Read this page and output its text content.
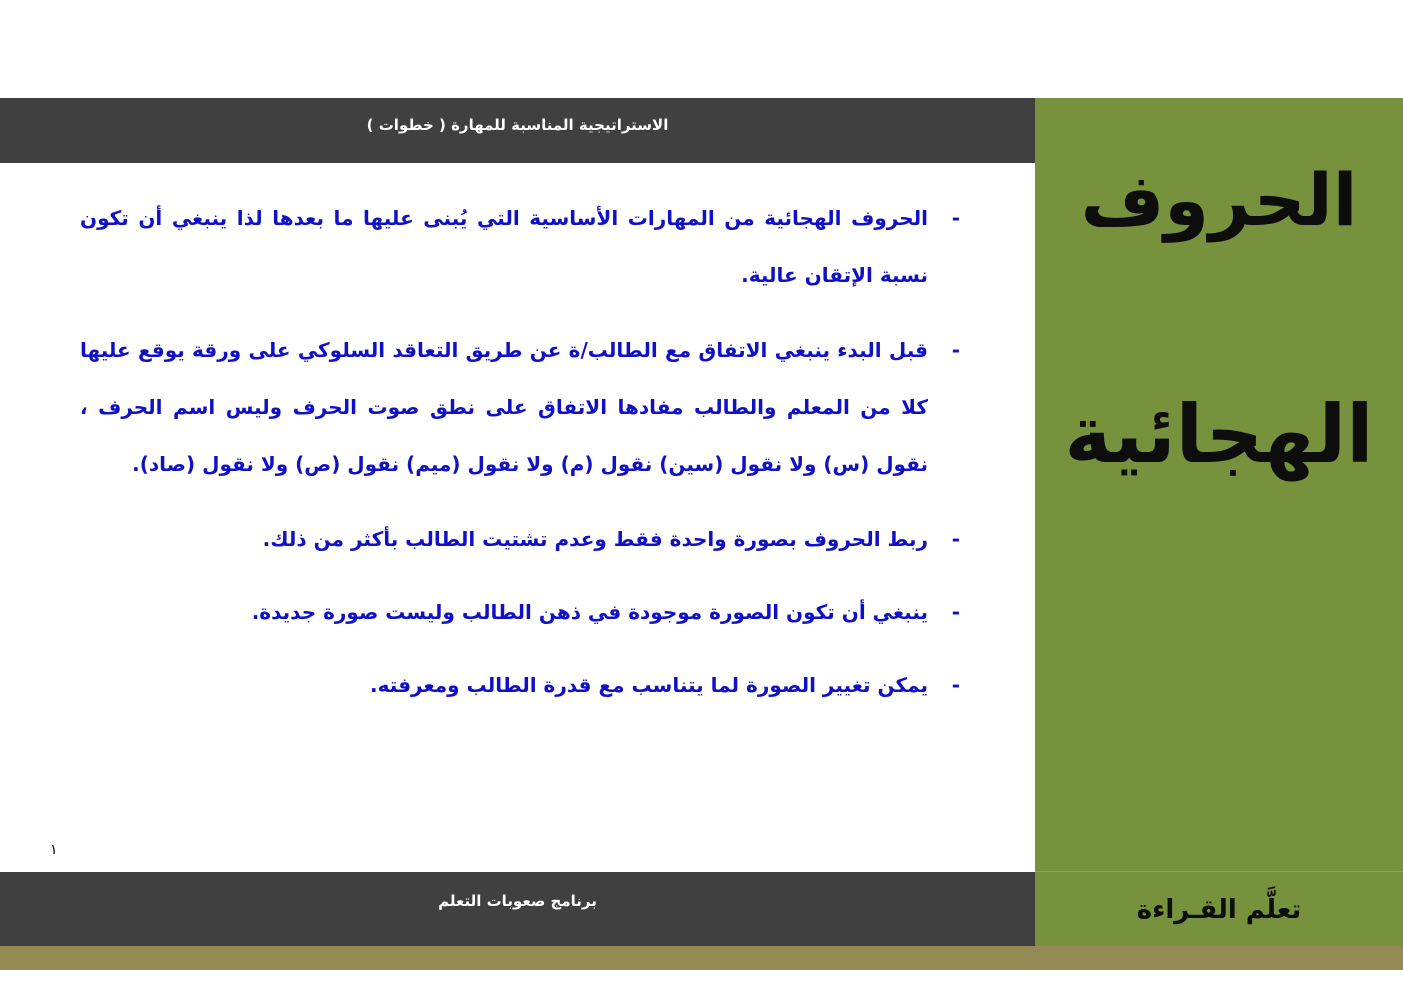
الاستراتيجية المناسبة للمهارة ( خطوات )
الحروف
الهجائية
تعلَّم القـراءة
-
الحروف الهجائية من المهارات الأساسية التي يُبنى عليها ما بعدها لذا ينبغي أن تكون نسبة الإتقان عالية.
-
قبل البدء ينبغي الاتفاق مع الطالب/ة عن طريق التعاقد السلوكي على ورقة يوقع عليها كلا من المعلم والطالب مفادها الاتفاق على نطق صوت الحرف وليس اسم الحرف ، نقول (س) ولا نقول (سين) نقول (م) ولا نقول (ميم) نقول (ص) ولا نقول (صاد).
-
ربط الحروف بصورة واحدة فقط وعدم تشتيت الطالب بأكثر من ذلك.
-
ينبغي أن تكون الصورة موجودة في ذهن الطالب وليست صورة جديدة.
-
يمكن تغيير الصورة لما يتناسب مع قدرة الطالب ومعرفته.
١
برنامج صعوبات التعلم
